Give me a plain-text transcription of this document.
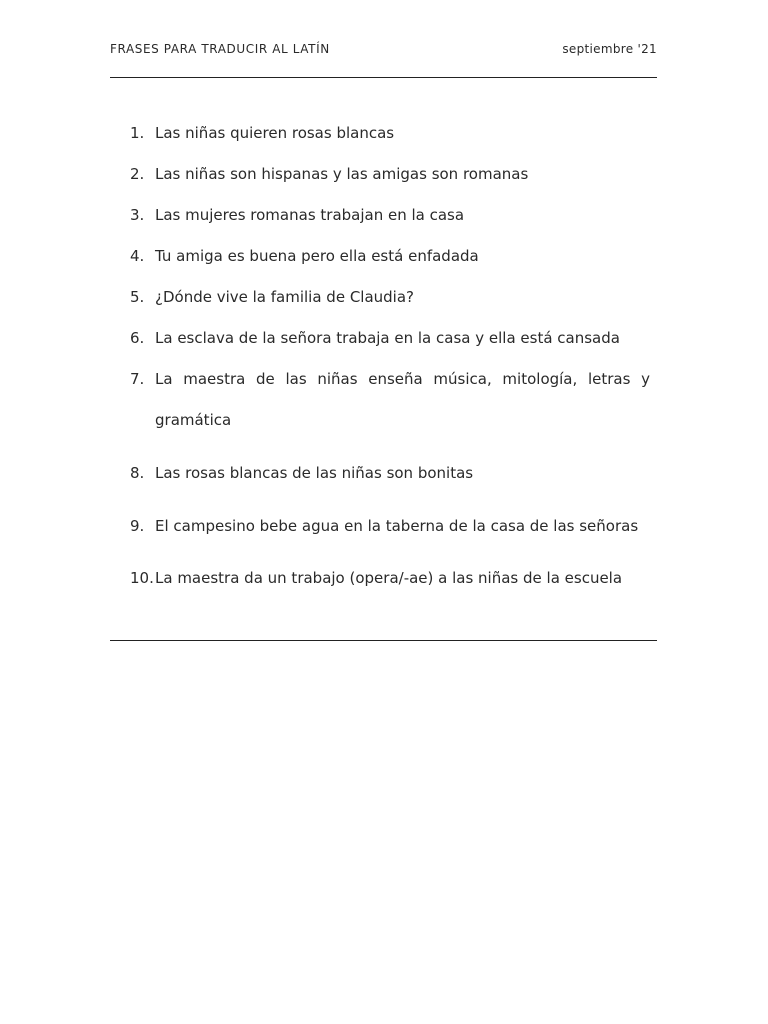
FRASES PARA TRADUCIR AL LATÍN	septiembre '21
1. Las niñas quieren rosas blancas
2. Las niñas son hispanas y las amigas son romanas
3. Las mujeres romanas trabajan en la casa
4. Tu amiga es buena pero ella está enfadada
5. ¿Dónde vive la familia de Claudia?
6. La esclava de la señora trabaja en la casa y ella está cansada
7. La maestra de las niñas enseña música, mitología, letras y
gramática
8. Las rosas blancas de las niñas son bonitas
9. El campesino bebe agua en la taberna de la casa de las señoras
10. La maestra da un trabajo (opera/-ae) a las niñas de la escuela
